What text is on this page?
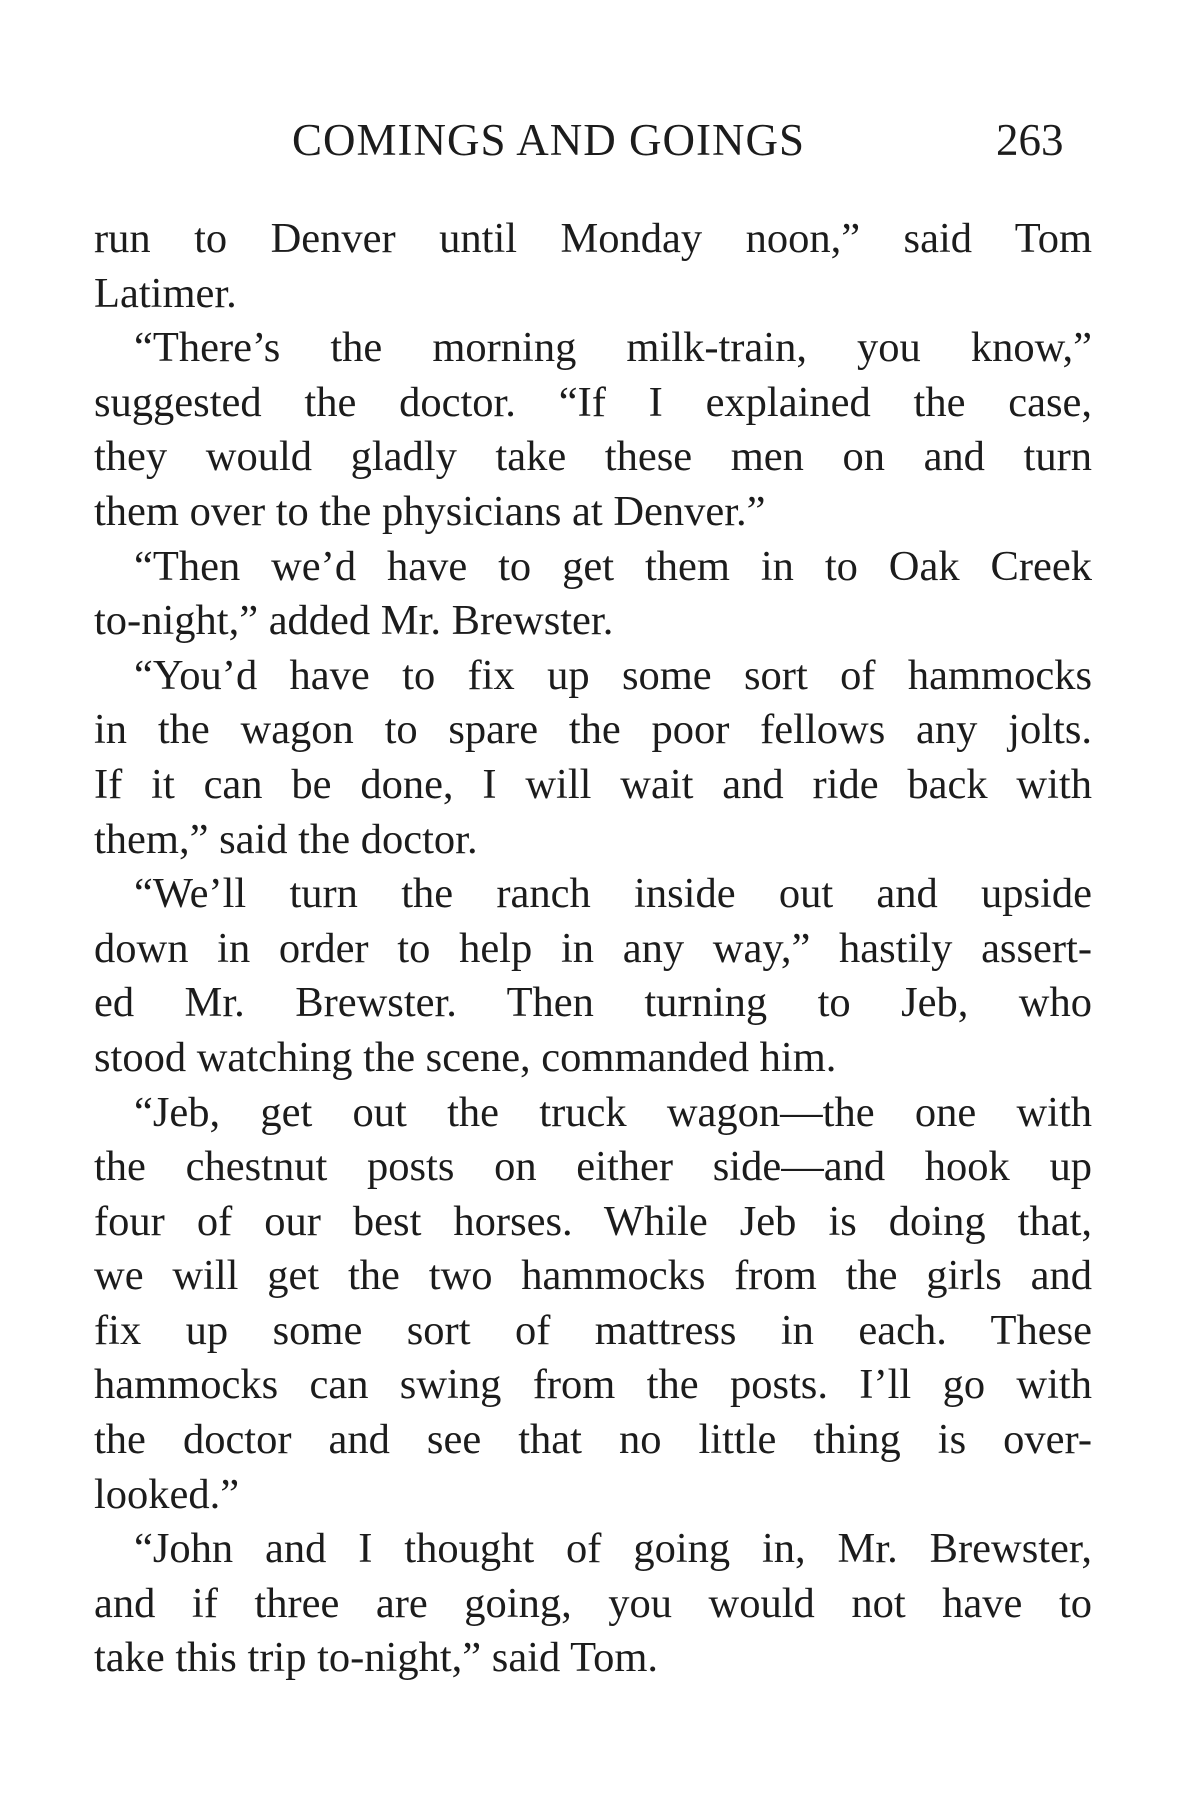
COMINGS AND GOINGS	263
run to Denver until Monday noon,” said Tom
Latimer.
“There’s the morning milk-train, you know,”
suggested the doctor. “If I explained the case,
they would gladly take these men on and turn
them over to the physicians at Denver.”
“Then we’d have to get them in to Oak Creek
to-night,” added Mr. Brewster.
“You’d have to fix up some sort of hammocks
in the wagon to spare the poor fellows any jolts.
If it can be done, I will wait and ride back with
them,” said the doctor.
“We’ll turn the ranch inside out and upside
down in order to help in any way,” hastily assert-
ed Mr. Brewster. Then turning to Jeb, who
stood watching the scene, commanded him.
“Jeb, get out the truck wagon—the one with
the chestnut posts on either side—and hook up
four of our best horses. While Jeb is doing that,
we will get the two hammocks from the girls and
fix up some sort of mattress in each. These
hammocks can swing from the posts. I’ll go with
the doctor and see that no little thing is over-
looked.”
“John and I thought of going in, Mr. Brewster,
and if three are going, you would not have to
take this trip to-night,” said Tom.
